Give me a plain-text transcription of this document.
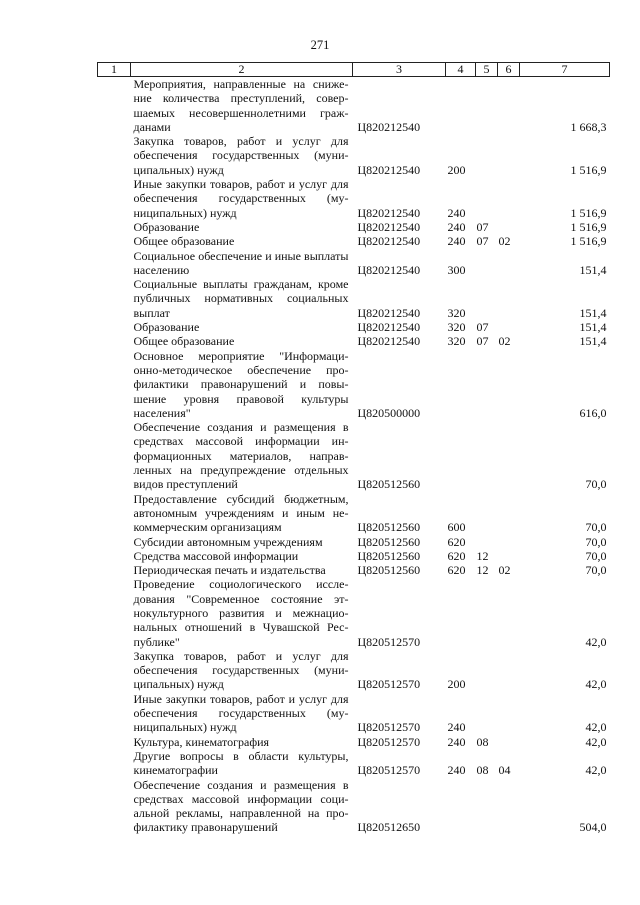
271
1	2	3	4	5	6	7
	Мероприятия, направленные на снижение количества преступлений, совершаемых несовершеннолетними гражданами	Ц820212540				1 668,3
	Закупка товаров, работ и услуг для обеспечения государственных (муниципальных) нужд	Ц820212540	200			1 516,9
	Иные закупки товаров, работ и услуг для обеспечения государственных (муниципальных) нужд	Ц820212540	240			1 516,9
	Образование	Ц820212540	240	07		1 516,9
	Общее образование	Ц820212540	240	07	02	1 516,9
	Социальное обеспечение и иные выплаты населению	Ц820212540	300			151,4
	Социальные выплаты гражданам, кроме публичных нормативных социальных выплат	Ц820212540	320			151,4
	Образование	Ц820212540	320	07		151,4
	Общее образование	Ц820212540	320	07	02	151,4
	Основное мероприятие "Информационно-методическое обеспечение профилактики правонарушений и повышение уровня правовой культуры населения"	Ц820500000				616,0
	Обеспечение создания и размещения в средствах массовой информации информационных материалов, направленных на предупреждение отдельных видов преступлений	Ц820512560				70,0
	Предоставление субсидий бюджетным, автономным учреждениям и иным некоммерческим организациям	Ц820512560	600			70,0
	Субсидии автономным учреждениям	Ц820512560	620			70,0
	Средства массовой информации	Ц820512560	620	12		70,0
	Периодическая печать и издательства	Ц820512560	620	12	02	70,0
	Проведение социологического исследования "Современное состояние этнокультурного развития и межнациональных отношений в Чувашской Республике"	Ц820512570				42,0
	Закупка товаров, работ и услуг для обеспечения государственных (муниципальных) нужд	Ц820512570	200			42,0
	Иные закупки товаров, работ и услуг для обеспечения государственных (муниципальных) нужд	Ц820512570	240			42,0
	Культура, кинематография	Ц820512570	240	08		42,0
	Другие вопросы в области культуры, кинематографии	Ц820512570	240	08	04	42,0
	Обеспечение создания и размещения в средствах массовой информации социальной рекламы, направленной на профилактику правонарушений	Ц820512650				504,0
